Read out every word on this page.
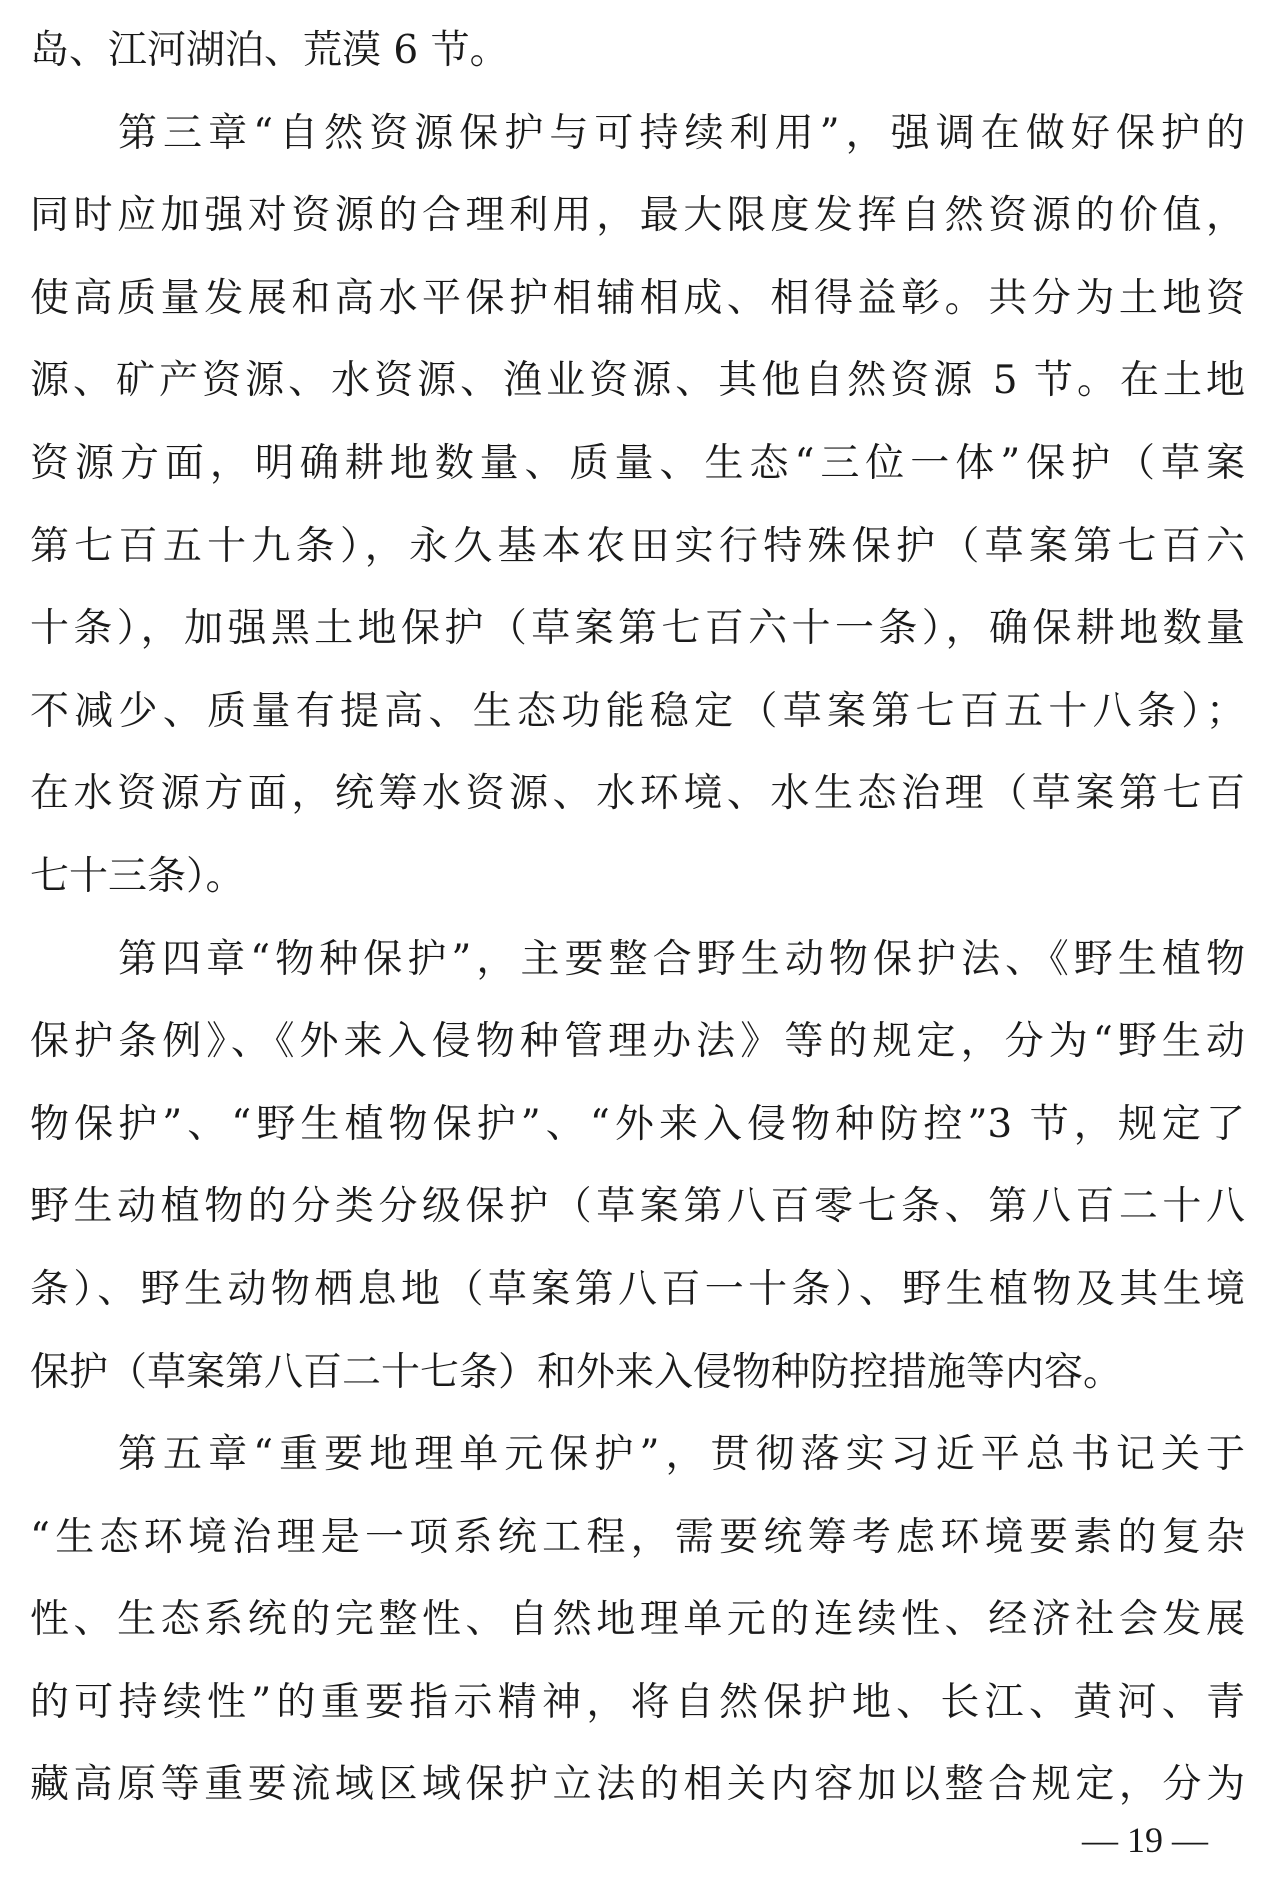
岛、江河湖泊、荒漠 6 节。
第三章“自然资源保护与可持续利用”，强调在做好保护的
同时应加强对资源的合理利用，最大限度发挥自然资源的价值，
使高质量发展和高水平保护相辅相成、相得益彰。共分为土地资
源、矿产资源、水资源、渔业资源、其他自然资源 5 节。在土地
资源方面，明确耕地数量、质量、生态“三位一体”保护（草案
第七百五十九条），永久基本农田实行特殊保护（草案第七百六
十条），加强黑土地保护（草案第七百六十一条），确保耕地数量
不减少、质量有提高、生态功能稳定（草案第七百五十八条）；
在水资源方面，统筹水资源、水环境、水生态治理（草案第七百
七十三条）。
第四章“物种保护”，主要整合野生动物保护法、《野生植物
保护条例》、《外来入侵物种管理办法》等的规定，分为“野生动
物保护”、“野生植物保护”、“外来入侵物种防控”3 节，规定了
野生动植物的分类分级保护（草案第八百零七条、第八百二十八
条）、野生动物栖息地（草案第八百一十条）、野生植物及其生境
保护（草案第八百二十七条）和外来入侵物种防控措施等内容。
第五章“重要地理单元保护”，贯彻落实习近平总书记关于
“生态环境治理是一项系统工程，需要统筹考虑环境要素的复杂
性、生态系统的完整性、自然地理单元的连续性、经济社会发展
的可持续性”的重要指示精神，将自然保护地、长江、黄河、青
藏高原等重要流域区域保护立法的相关内容加以整合规定，分为
— 19 —
